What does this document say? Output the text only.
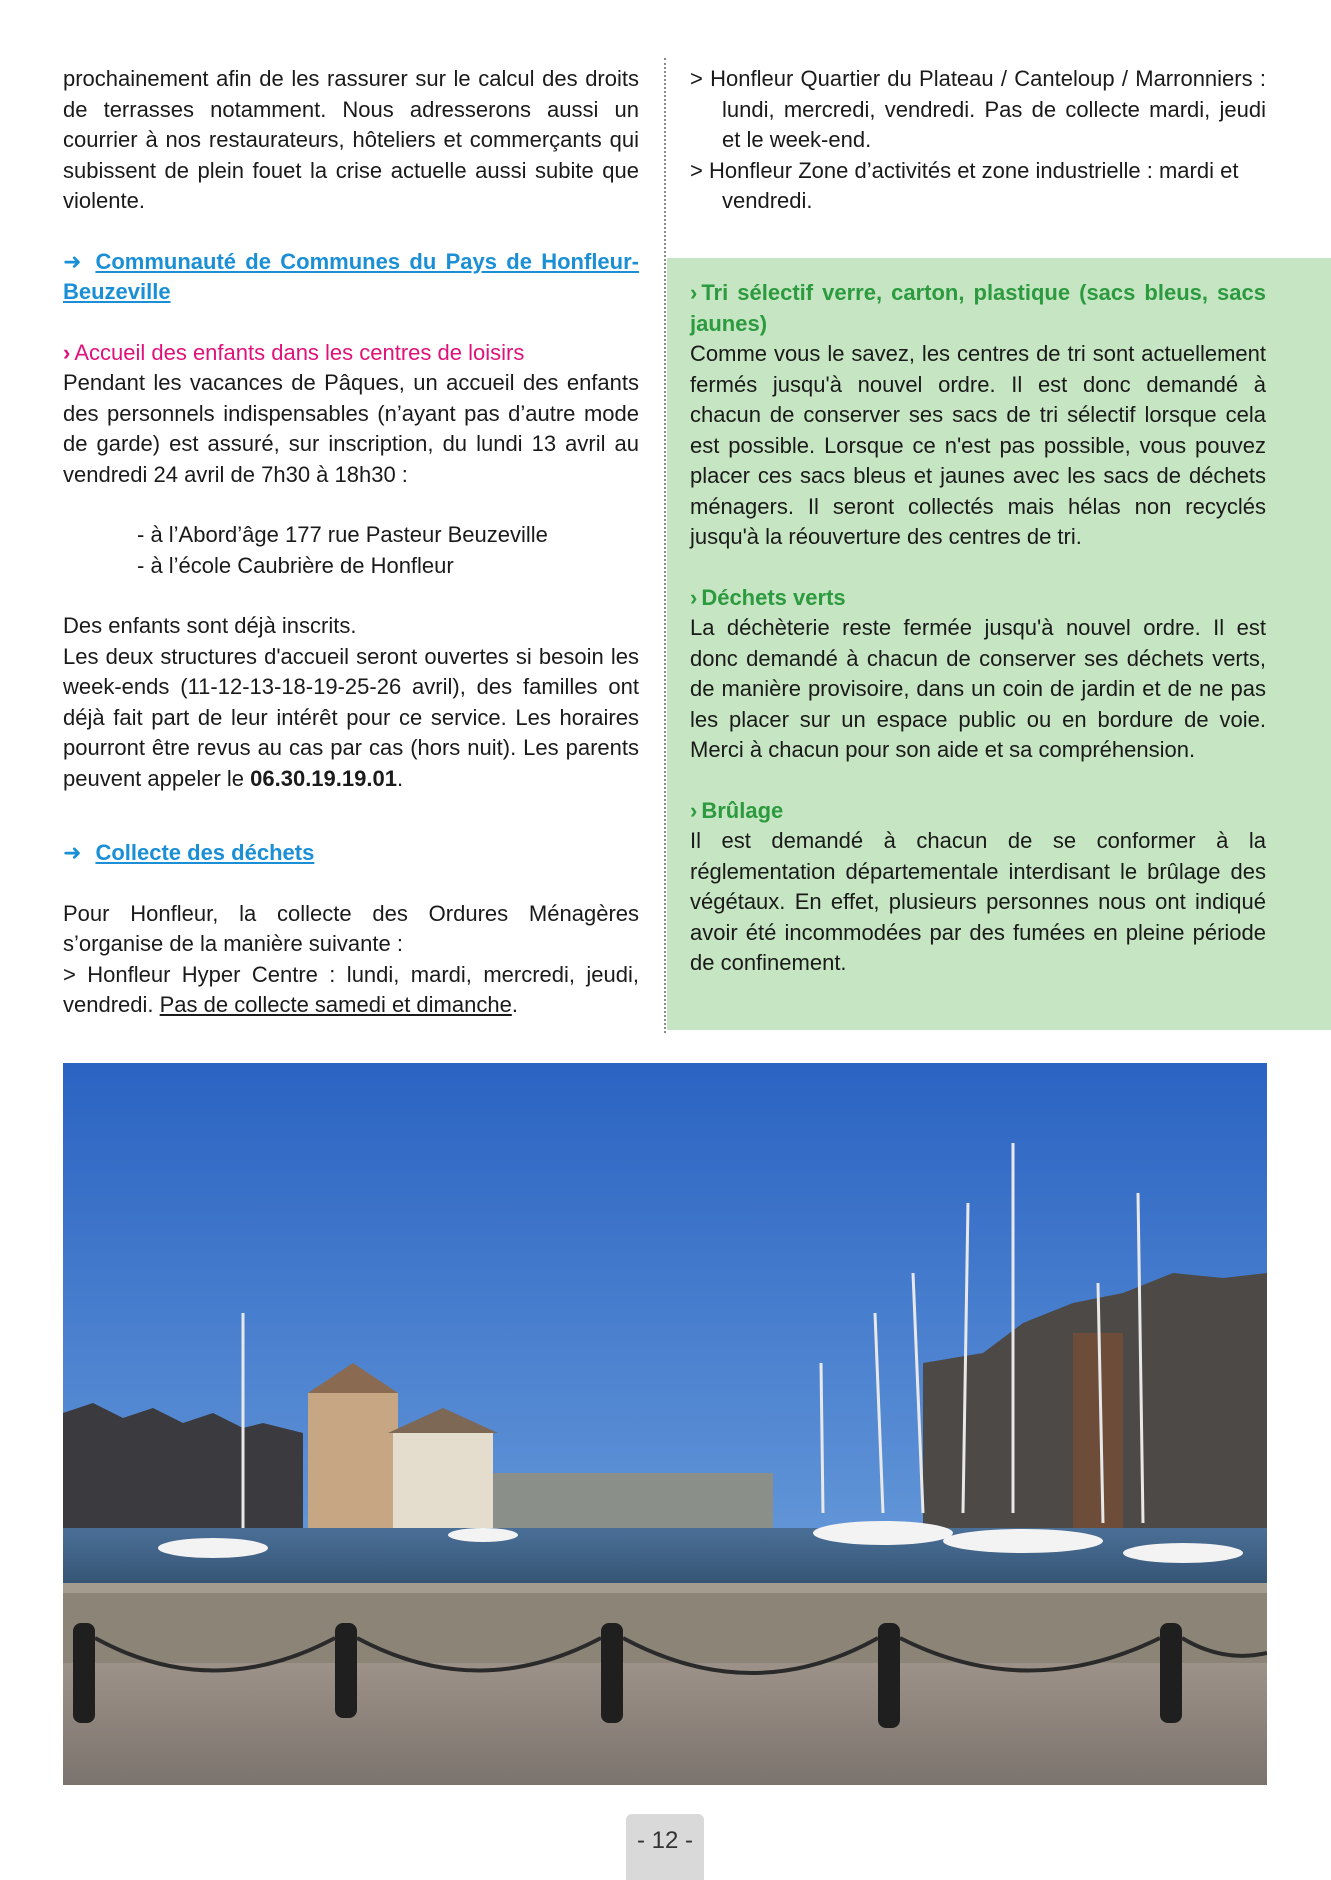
prochainement afin de les rassurer sur le calcul des droits de terrasses notamment. Nous adresserons aussi un courrier à nos restaurateurs, hôteliers et commerçants qui subissent de plein fouet la crise actuelle aussi subite que violente.

➜ Communauté de Communes du Pays de Honfleur-Beuzeville

› Accueil des enfants dans les centres de loisirs

Pendant les vacances de Pâques, un accueil des enfants des personnels indispensables (n’ayant pas d’autre mode de garde) est assuré, sur inscription, du lundi 13 avril au vendredi 24 avril de 7h30 à 18h30 :

- à l’Abord’âge 177 rue Pasteur Beuzeville

- à l’école Caubrière de Honfleur

Des enfants sont déjà inscrits.

Les deux structures d'accueil seront ouvertes si besoin les week-ends (11-12-13-18-19-25-26 avril), des familles ont déjà fait part de leur intérêt pour ce service. Les horaires pourront être revus au cas par cas (hors nuit). Les parents peuvent appeler le 06.30.19.19.01.

➜ Collecte des déchets

Pour Honfleur, la collecte des Ordures Ménagères s’organise de la manière suivante :

> Honfleur Hyper Centre : lundi, mardi, mercredi, jeudi, vendredi. Pas de collecte samedi et dimanche.

> Honfleur Quartier du Plateau / Canteloup / Marronniers : lundi, mercredi, vendredi. Pas de collecte mardi, jeudi et le week-end.

> Honfleur Zone d’activités et zone industrielle : mardi et vendredi.

› Tri sélectif verre, carton, plastique (sacs bleus, sacs jaunes)

Comme vous le savez, les centres de tri sont actuellement fermés jusqu'à nouvel ordre. Il est donc demandé à chacun de conserver ses sacs de tri sélectif lorsque cela est possible. Lorsque ce n'est pas possible, vous pouvez placer ces sacs bleus et jaunes avec les sacs de déchets ménagers. Il seront collectés mais hélas non recyclés jusqu'à la réouverture des centres de tri.

› Déchets verts

La déchèterie reste fermée jusqu'à nouvel ordre. Il est donc demandé à chacun de conserver ses déchets verts, de manière provisoire, dans un coin de jardin et de ne pas les placer sur un espace public ou en bordure de voie. Merci à chacun pour son aide et sa compréhension.

› Brûlage

Il est demandé à chacun de se conformer à la réglementation départementale interdisant le brûlage des végétaux. En effet, plusieurs personnes nous ont indiqué avoir été incommodées par des fumées en pleine période de confinement.

- 12 -
